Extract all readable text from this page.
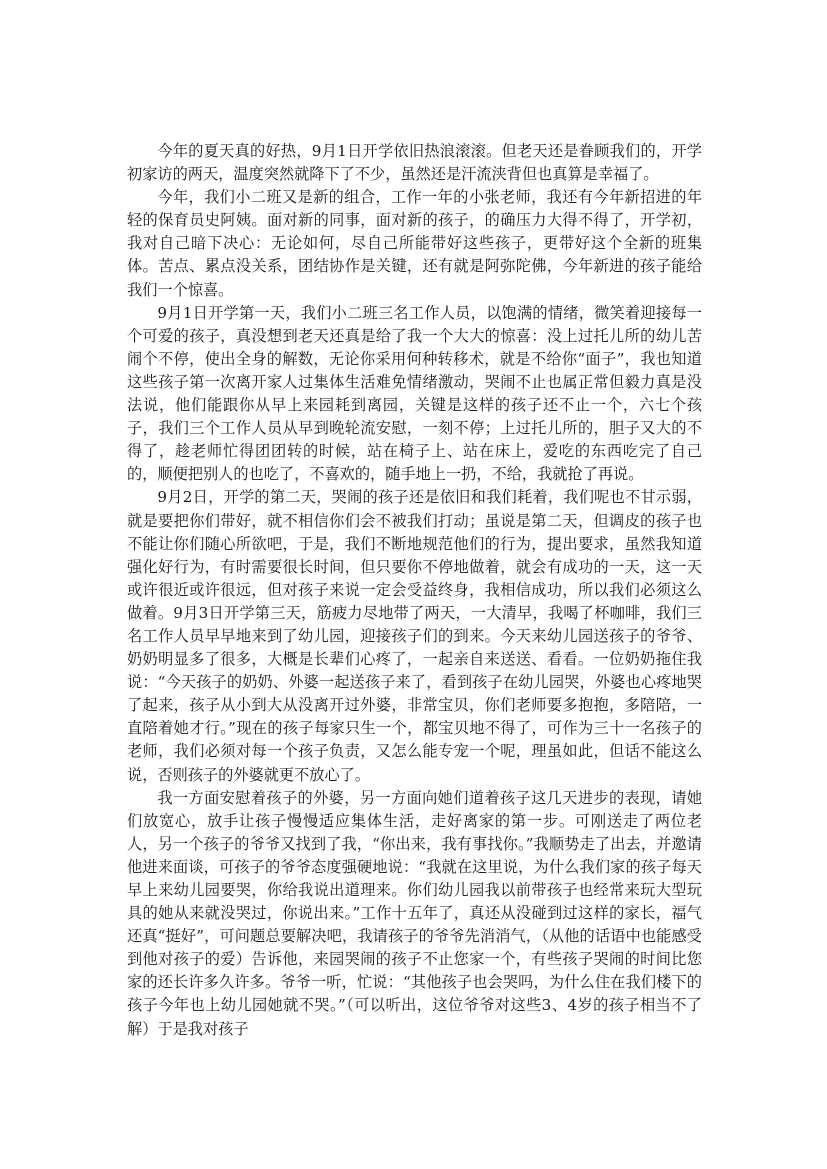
今年的夏天真的好热，9月1日开学依旧热浪滚滚。但老天还是眷顾我们的，开学初家访的两天，温度突然就降下了不少，虽然还是汗流浃背但也真算是幸福了。

今年，我们小二班又是新的组合，工作一年的小张老师，我还有今年新招进的年轻的保育员史阿姨。面对新的同事，面对新的孩子，的确压力大得不得了，开学初，我对自己暗下决心：无论如何，尽自己所能带好这些孩子，更带好这个全新的班集体。苦点、累点没关系，团结协作是关键，还有就是阿弥陀佛，今年新进的孩子能给我们一个惊喜。

9月1日开学第一天，我们小二班三名工作人员，以饱满的情绪，微笑着迎接每一个可爱的孩子，真没想到老天还真是给了我一个大大的惊喜：没上过托儿所的幼儿苦闹个不停，使出全身的解数，无论你采用何种转移术，就是不给你“面子”，我也知道这些孩子第一次离开家人过集体生活难免情绪激动，哭闹不止也属正常但毅力真是没法说，他们能跟你从早上来园耗到离园，关键是这样的孩子还不止一个，六七个孩子，我们三个工作人员从早到晚轮流安慰，一刻不停；上过托儿所的，胆子又大的不得了，趁老师忙得团团转的时候，站在椅子上、站在床上，爱吃的东西吃完了自己的，顺便把别人的也吃了，不喜欢的，随手地上一扔，不给，我就抢了再说。

9月2日，开学的第二天，哭闹的孩子还是依旧和我们耗着，我们呢也不甘示弱，就是要把你们带好，就不相信你们会不被我们打动；虽说是第二天，但调皮的孩子也不能让你们随心所欲吧，于是，我们不断地规范他们的行为，提出要求，虽然我知道强化好行为，有时需要很长时间，但只要你不停地做着，就会有成功的一天，这一天或许很近或许很远，但对孩子来说一定会受益终身，我相信成功，所以我们必须这么做着。9月3日开学第三天，筋疲力尽地带了两天，一大清早，我喝了杯咖啡，我们三名工作人员早早地来到了幼儿园，迎接孩子们的到来。今天来幼儿园送孩子的爷爷、奶奶明显多了很多，大概是长辈们心疼了，一起亲自来送送、看看。一位奶奶拖住我说：“今天孩子的奶奶、外婆一起送孩子来了，看到孩子在幼儿园哭，外婆也心疼地哭了起来，孩子从小到大从没离开过外婆，非常宝贝，你们老师要多抱抱，多陪陪，一直陪着她才行。”现在的孩子每家只生一个，都宝贝地不得了，可作为三十一名孩子的老师，我们必须对每一个孩子负责，又怎么能专宠一个呢，理虽如此，但话不能这么说，否则孩子的外婆就更不放心了。

我一方面安慰着孩子的外婆，另一方面向她们道着孩子这几天进步的表现，请她们放宽心，放手让孩子慢慢适应集体生活，走好离家的第一步。可刚送走了两位老人，另一个孩子的爷爷又找到了我，“你出来，我有事找你。”我顺势走了出去，并邀请他进来面谈，可孩子的爷爷态度强硬地说：“我就在这里说，为什么我们家的孩子每天早上来幼儿园要哭，你给我说出道理来。你们幼儿园我以前带孩子也经常来玩大型玩具的她从来就没哭过，你说出来。”工作十五年了，真还从没碰到过这样的家长，福气还真“挺好”，可问题总要解决吧，我请孩子的爷爷先消消气，（从他的话语中也能感受到他对孩子的爱）告诉他，来园哭闹的孩子不止您家一个，有些孩子哭闹的时间比您家的还长许多久许多。爷爷一听，忙说：“其他孩子也会哭吗，为什么住在我们楼下的孩子今年也上幼儿园她就不哭。”（可以听出，这位爷爷对这些3、4岁的孩子相当不了解）于是我对孩子
